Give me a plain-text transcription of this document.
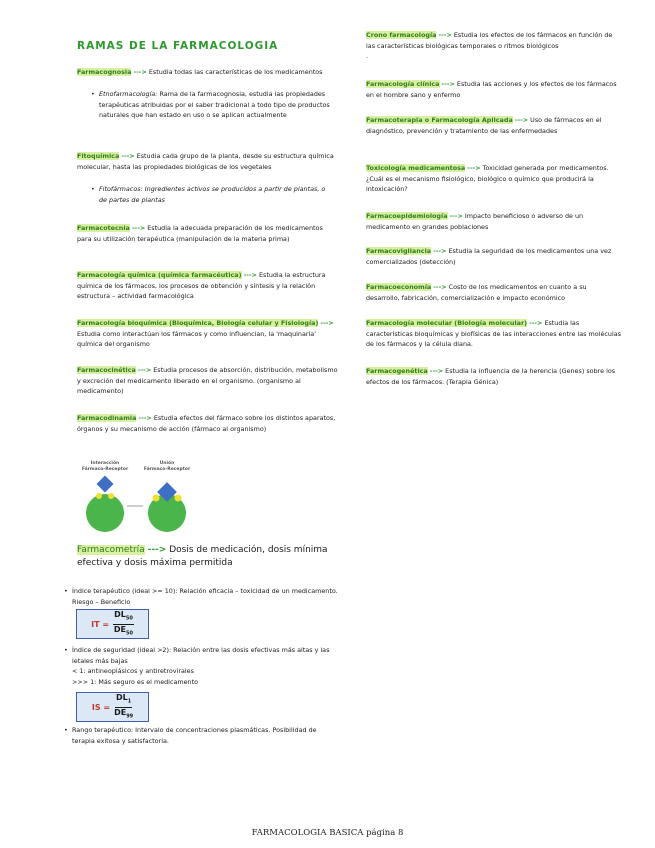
RAMAS DE LA FARMACOLOGIA

Farmacognosia ---> Estudia todas las características de los medicamentos

• Etnofarmacología: Rama de la farmacognosia, estudia las propiedades terapéuticas atribuidas por el saber tradicional a todo tipo de productos naturales que han estado en uso o se aplican actualmente

Fitoquímica ---> Estudia cada grupo de la planta, desde su estructura química molecular, hasta las propiedades biológicas de los vegetales

• Fitofármacos: Ingredientes activos se producidos a partir de plantas, o de partes de plantas

Farmacotecnia ---> Estudia la adecuada preparación de los medicamentos para su utilización terapéutica (manipulación de la materia prima)

Farmacología química (química farmacéutica) ---> Estudia la estructura química de los fármacos, los procesos de obtención y síntesis y la relación estructura – actividad farmacológica

Farmacología bioquímica (Bioquímica, Biología celular y Fisiología) ---> Estudia como interactúan los fármacos y como influencian, la 'maquinaria' química del organismo

Farmacocinética ---> Estudia procesos de absorción, distribución, metabolismo y excreción del medicamento liberado en el organismo. (organismo al medicamento)

Farmacodinamia ---> Estudia efectos del fármaco sobre los distintos aparatos, órganos y su mecanismo de acción (fármaco al organismo)

Interacción
Fármaco-Receptor
Unión
Fármaco-Receptor
Farmacometría ---> Dosis de medicación, dosis mínima efectiva y dosis máxima permitida
• Índice terapéutico (ideal >= 10): Relación eficacia – toxicidad de un medicamento. Riesgo – Beneficio
IT = $\frac{DL_{50}}{DE_{50}}$
• Índice de seguridad (ideal >2): Relación entre las dosis efectivas más altas y las letales más bajas
< 1: antineoplásicos y antiretrovirales
>>> 1: Más seguro es el medicamento
IS = $\frac{DL_1}{DE_{99}}$
• Rango terapéutico: Intervalo de concentraciones plasmáticas. Posibilidad de terapia exitosa y satisfactoria.

Crono farmacología ---> Estudia los efectos de los fármacos en función de las características biológicas temporales o ritmos biológicos
.

Farmacología clínica ---> Estudia las acciones y los efectos de los fármacos en el hombre sano y enfermo

Farmacoterapia o Farmacología Aplicada ---> Uso de fármacos en el diagnóstico, prevención y tratamiento de las enfermedades

Toxicología medicamentosa ---> Toxicidad generada por medicamentos. ¿Cuál es el mecanismo fisiológico, biológico o químico que producirá la intoxicación?

Farmacoepidemiología ---> Impacto beneficioso o adverso de un medicamento en grandes poblaciones

Farmacovigilancia ---> Estudia la seguridad de los medicamentos una vez comercializados (detección)

Farmacoeconomía ---> Costo de los medicamentos en cuanto a su desarrollo, fabricación, comercialización e impacto económico

Farmacología molecular (Biología molecular) ---> Estudia las características bioquímicas y biofísicas de las interacciones entre las moléculas de los fármacos y la célula diana.

Farmacogenética ---> Estudia la influencia de la herencia (Genes) sobre los efectos de los fármacos. (Terapia Génica)

FARMACOLOGIA BASICA página 8
